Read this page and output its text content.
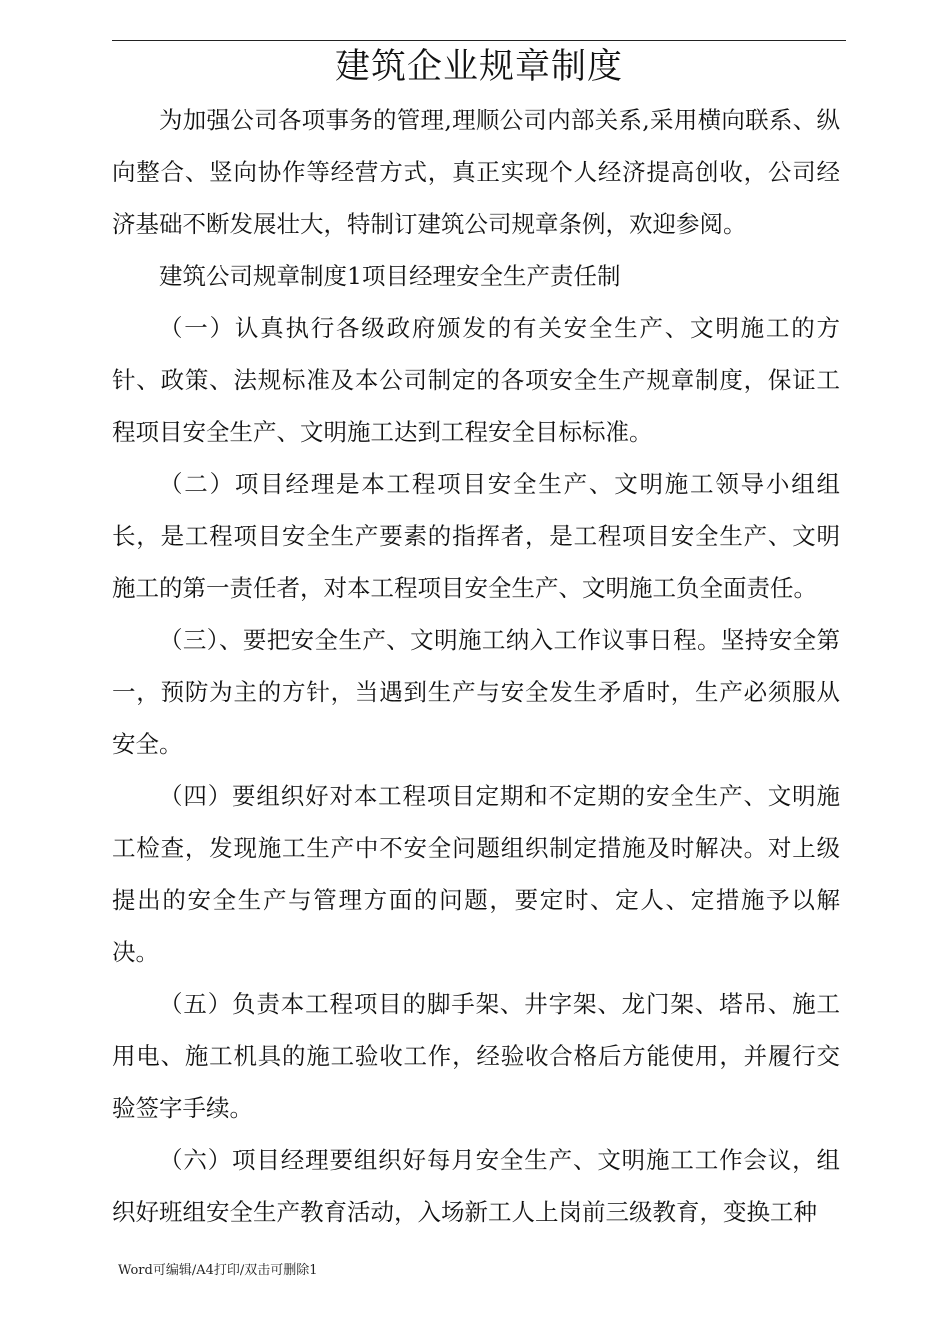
建筑企业规章制度

为加强公司各项事务的管理,理顺公司内部关系,采用横向联系、纵向整合、竖向协作等经营方式，真正实现个人经济提高创收，公司经济基础不断发展壮大，特制订建筑公司规章条例，欢迎参阅。

建筑公司规章制度1项目经理安全生产责任制

（一）认真执行各级政府颁发的有关安全生产、文明施工的方针、政策、法规标准及本公司制定的各项安全生产规章制度，保证工程项目安全生产、文明施工达到工程安全目标标准。

（二）项目经理是本工程项目安全生产、文明施工领导小组组长，是工程项目安全生产要素的指挥者，是工程项目安全生产、文明施工的第一责任者，对本工程项目安全生产、文明施工负全面责任。

（三）、要把安全生产、文明施工纳入工作议事日程。坚持安全第一，预防为主的方针，当遇到生产与安全发生矛盾时，生产必须服从安全。

（四）要组织好对本工程项目定期和不定期的安全生产、文明施工检查，发现施工生产中不安全问题组织制定措施及时解决。对上级提出的安全生产与管理方面的问题，要定时、定人、定措施予以解决。

（五）负责本工程项目的脚手架、井字架、龙门架、塔吊、施工用电、施工机具的施工验收工作，经验收合格后方能使用，并履行交验签字手续。

（六）项目经理要组织好每月安全生产、文明施工工作会议，组织好班组安全生产教育活动，入场新工人上岗前三级教育，变换工种

Word可编辑/A4打印/双击可删除1
